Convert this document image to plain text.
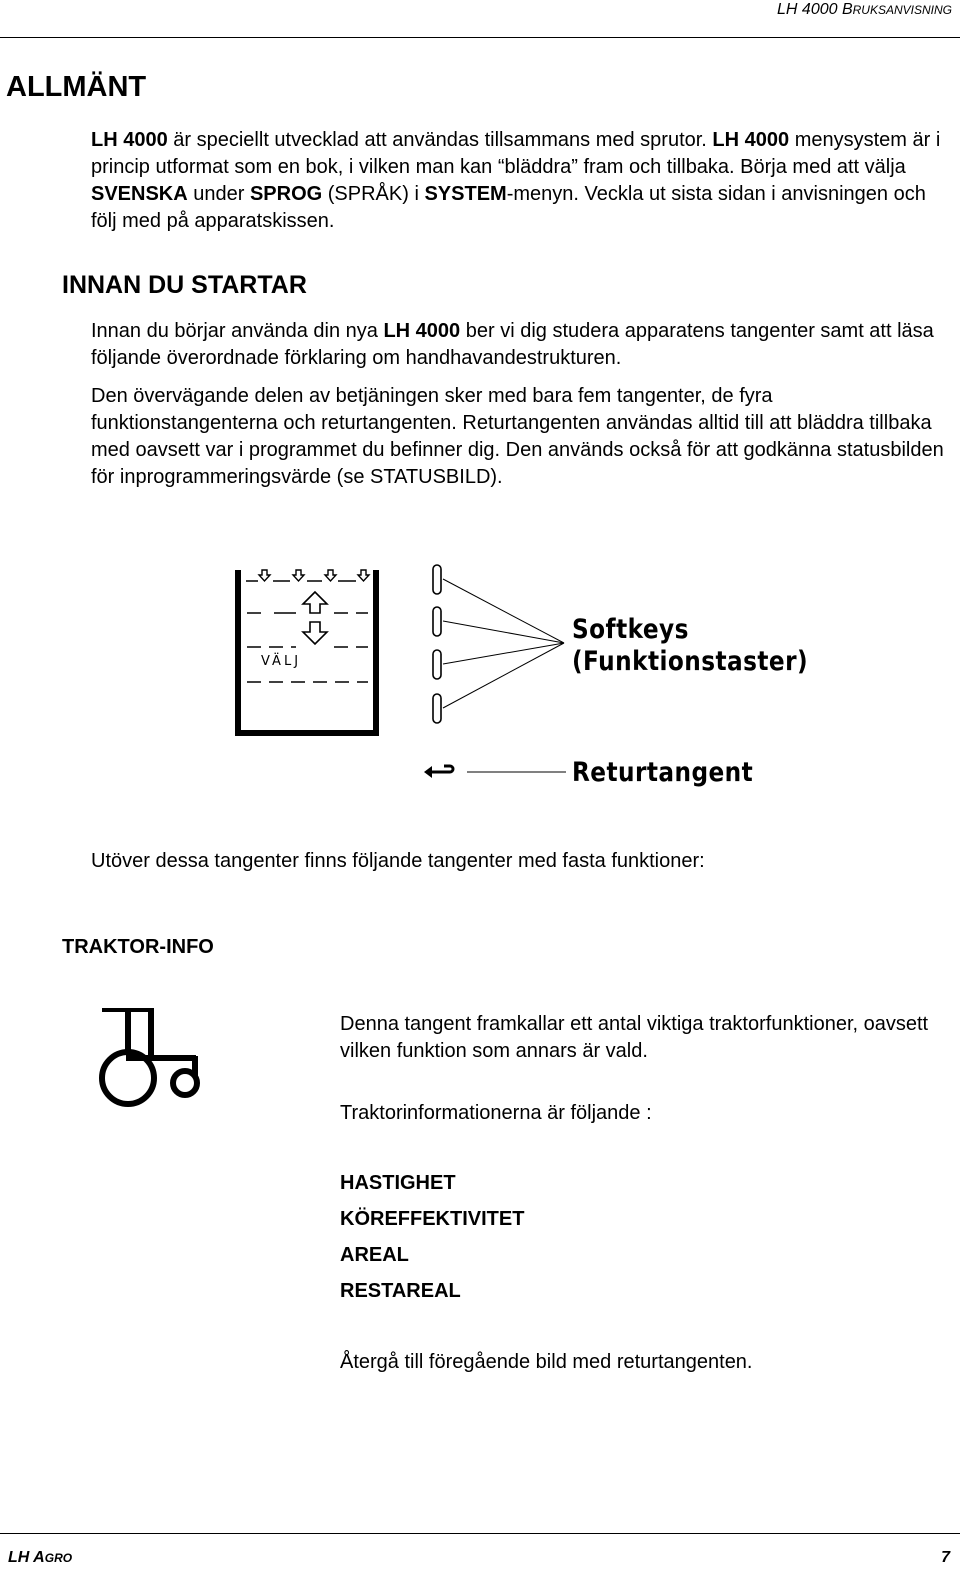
LH 4000 BRUKSANVISNING
ALLMÄNT

LH 4000 är speciellt utvecklad att användas tillsammans med sprutor. LH 4000 menysystem är i princip utformat som en bok, i vilken man kan “bläddra” fram och tillbaka. Börja med att välja SVENSKA under SPROG (SPRÅK) i SYSTEM-menyn. Veckla ut sista sidan i anvisningen och följ med på apparatskissen.

INNAN DU STARTAR

Innan du börjar använda din nya LH 4000 ber vi dig studera apparatens tangenter samt att läsa följande överordnade förklaring om handhavandestrukturen.

Den övervägande delen av betjäningen sker med bara fem tangenter, de fyra funktionstangenterna och returtangenten. Returtangenten användas alltid till att bläddra tillbaka med oavsett var i programmet du befinner dig. Den används också för att godkänna statusbilden för inprogrammeringsvärde (se STATUSBILD).

VÄLJ
Softkeys
(Funktionstaster)
Returtangent

Utöver dessa tangenter finns följande tangenter med fasta funktioner:

TRAKTOR-INFO

Denna tangent framkallar ett antal viktiga traktorfunktioner, oavsett vilken funktion som annars är vald.

Traktorinformationerna är följande :

HASTIGHET
KÖREFFEKTIVITET
AREAL
RESTAREAL

Återgå till föregående bild med returtangenten.

LH AGRO	7
